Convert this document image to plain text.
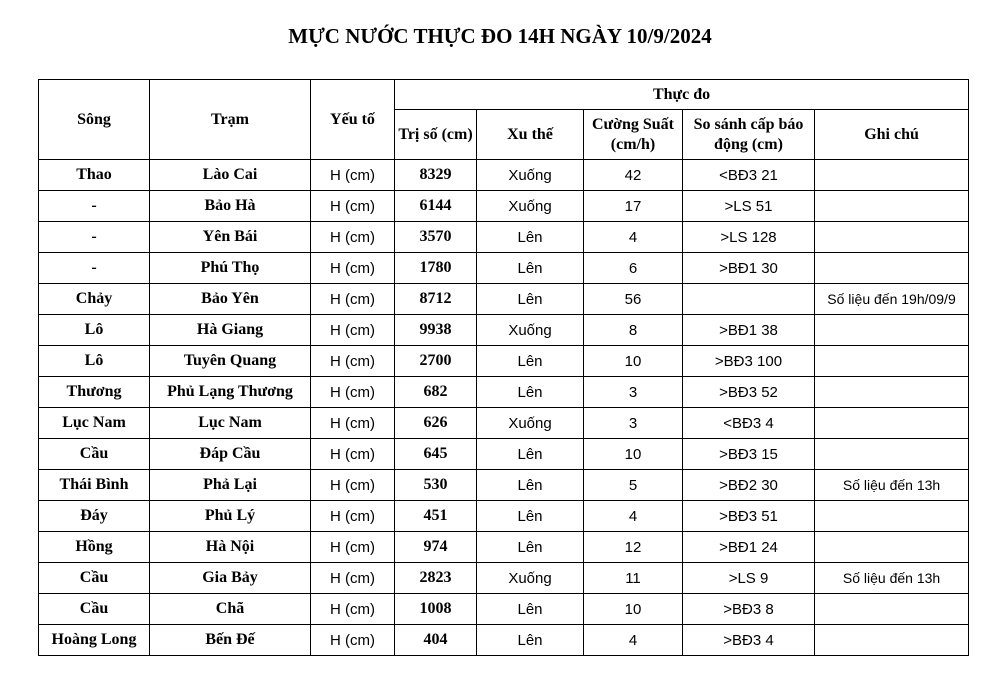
MỰC NƯỚC THỰC ĐO 14H NGÀY 10/9/2024
Sông	Trạm	Yếu tố	Thực đo				
			Trị số (cm)	Xu thế	Cường Suất (cm/h)	So sánh cấp báo động (cm)	Ghi chú
Thao	Lào Cai	H (cm)	8329	Xuống	42	<BĐ3 21	
-	Bảo Hà	H (cm)	6144	Xuống	17	>LS 51	
-	Yên Bái	H (cm)	3570	Lên	4	>LS 128	
-	Phú Thọ	H (cm)	1780	Lên	6	>BĐ1 30	
Chảy	Bảo Yên	H (cm)	8712	Lên	56		Số liệu đến 19h/09/9
Lô	Hà Giang	H (cm)	9938	Xuống	8	>BĐ1 38	
Lô	Tuyên Quang	H (cm)	2700	Lên	10	>BĐ3 100	
Thương	Phủ Lạng Thương	H (cm)	682	Lên	3	>BĐ3 52	
Lục Nam	Lục Nam	H (cm)	626	Xuống	3	<BĐ3 4	
Cầu	Đáp Cầu	H (cm)	645	Lên	10	>BĐ3 15	
Thái Bình	Phả Lại	H (cm)	530	Lên	5	>BĐ2 30	Số liệu đến 13h
Đáy	Phủ Lý	H (cm)	451	Lên	4	>BĐ3 51	
Hồng	Hà Nội	H (cm)	974	Lên	12	>BĐ1 24	
Cầu	Gia Bảy	H (cm)	2823	Xuống	11	>LS 9	Số liệu đến 13h
Cầu	Chã	H (cm)	1008	Lên	10	>BĐ3 8	
Hoàng Long	Bến Đế	H (cm)	404	Lên	4	>BĐ3 4	
